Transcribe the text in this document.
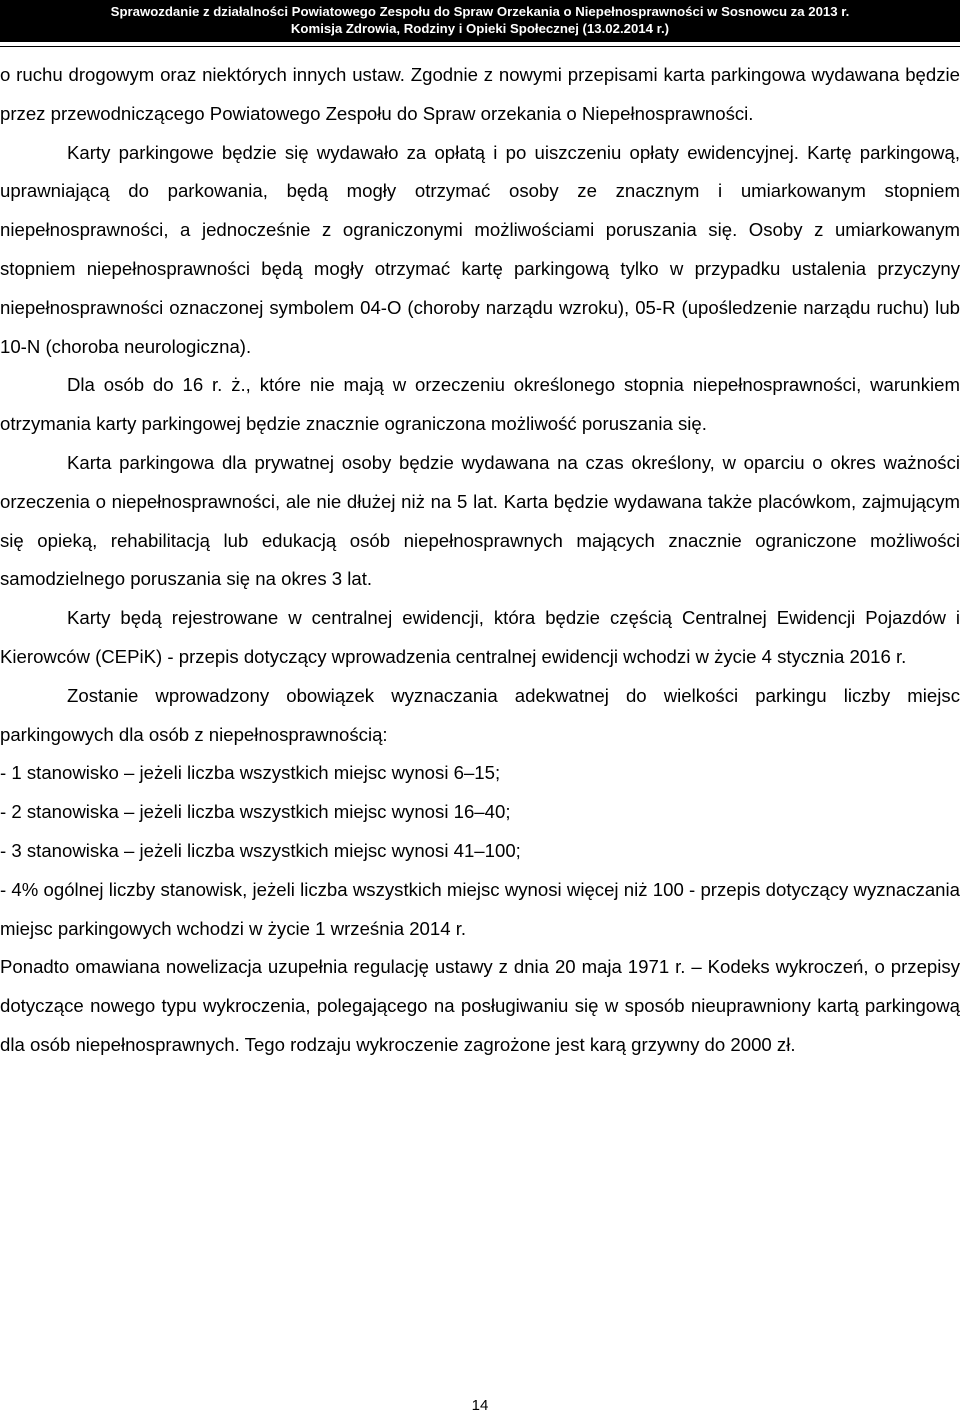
Sprawozdanie z działalności Powiatowego Zespołu do Spraw Orzekania o Niepełnosprawności w Sosnowcu za 2013 r.
Komisja Zdrowia, Rodziny i Opieki Społecznej (13.02.2014 r.)

o ruchu drogowym oraz niektórych innych ustaw. Zgodnie z nowymi przepisami karta parkingowa wydawana będzie przez przewodniczącego Powiatowego Zespołu do Spraw orzekania o Niepełnosprawności.

Karty parkingowe będzie się wydawało za opłatą i po uiszczeniu opłaty ewidencyjnej. Kartę parkingową, uprawniającą do parkowania, będą mogły otrzymać osoby ze znacznym i umiarkowanym stopniem niepełnosprawności, a jednocześnie z ograniczonymi możliwościami poruszania się. Osoby z umiarkowanym stopniem niepełnosprawności będą mogły otrzymać kartę parkingową tylko w przypadku ustalenia przyczyny niepełnosprawności oznaczonej symbolem 04-O (choroby narządu wzroku), 05-R (upośledzenie narządu ruchu) lub 10-N (choroba neurologiczna).

Dla osób do 16 r. ż., które nie mają w orzeczeniu określonego stopnia niepełnosprawności, warunkiem otrzymania karty parkingowej będzie znacznie ograniczona możliwość poruszania się.

Karta parkingowa dla prywatnej osoby będzie wydawana na czas określony, w oparciu o okres ważności orzeczenia o niepełnosprawności, ale nie dłużej niż na 5 lat. Karta będzie wydawana także placówkom, zajmującym się opieką, rehabilitacją lub edukacją osób niepełnosprawnych mających znacznie ograniczone możliwości samodzielnego poruszania się na okres 3 lat.

Karty będą rejestrowane w centralnej ewidencji, która będzie częścią Centralnej Ewidencji Pojazdów i Kierowców (CEPiK) - przepis dotyczący wprowadzenia centralnej ewidencji wchodzi w życie 4 stycznia 2016 r.

Zostanie wprowadzony obowiązek wyznaczania adekwatnej do wielkości parkingu liczby miejsc parkingowych dla osób z niepełnosprawnością:

- 1 stanowisko – jeżeli liczba wszystkich miejsc wynosi 6–15;

- 2 stanowiska – jeżeli liczba wszystkich miejsc wynosi 16–40;

- 3 stanowiska – jeżeli liczba wszystkich miejsc wynosi 41–100;

- 4% ogólnej liczby stanowisk, jeżeli liczba wszystkich miejsc wynosi więcej niż 100 - przepis dotyczący wyznaczania miejsc parkingowych wchodzi w życie 1 września 2014 r.

Ponadto omawiana nowelizacja uzupełnia regulację ustawy z dnia 20 maja 1971 r. – Kodeks wykroczeń, o przepisy dotyczące nowego typu wykroczenia, polegającego na posługiwaniu się w sposób nieuprawniony kartą parkingową dla osób niepełnosprawnych. Tego rodzaju wykroczenie zagrożone jest karą grzywny do 2000 zł.

14
